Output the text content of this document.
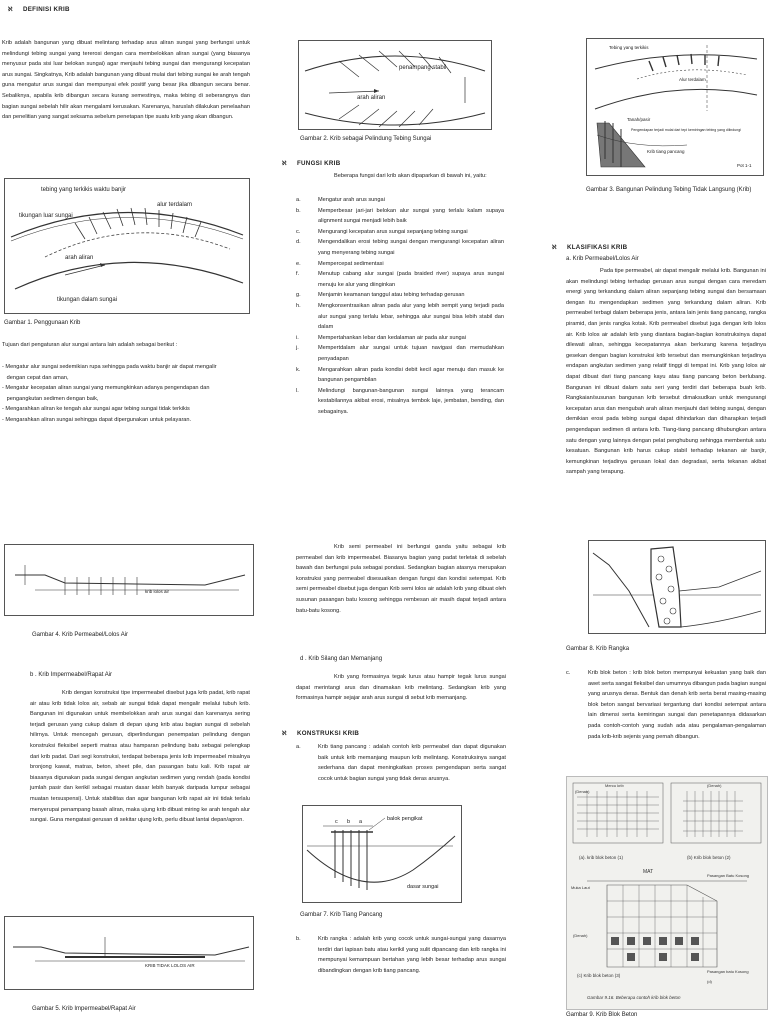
ℵ DEFINISI KRIB

Krib adalah bangunan yang dibuat melintang terhadap arus aliran sungai yang berfungsi untuk melindungi tebing sungai yang tererosi dengan cara membelokkan aliran sungai (yang biasanya menyusur pada sisi luar belokan sungai) agar menjauhi tebing sungai dan mengurangi kecepatan arus sungai. Singkatnya, Krib adalah bangunan yang dibuat mulai dari tebing sungai ke arah tengah guna mengatur arus sungai dan mempunyai efek positif yang besar jika dibangun secara benar. Sebaliknya, apabila krib dibangun secara kurang semestinya, maka tebing di seberangnya dan bagian sungai sebelah hilir akan mengalami kerusakan. Karenanya, haruslah dilakukan penelaahan dan penelitian yang sangat seksama sebelum penetapan tipe suatu krib yang akan dibangun.

tebing yang terkikis waktu banjir
alur terdalam
tikungan luar sungai
arah aliran
tikungan dalam sungai
Gambar 1. Penggunaan Krib

Tujuan dari pengaturan alur sungai antara lain adalah sebagai berikut :

- Mengatur alur sungai sedemikian rupa sehingga pada waktu banjir air dapat mengalir

dengan cepat dan aman,

- Mengatur kecepatan aliran sungai yang memungkinkan adanya pengendapan dan

pengangkutan sedimen dengan baik,

- Mengarahkan aliran ke tengah alur sungai agar tebing sungai tidak terkikis

- Mengarahkan aliran sungai sehingga dapat dipergunakan untuk pelayaran.

krib lolos air
Gambar 4. Krib Permeabel/Lolos Air
b . Krib Impermeabel/Rapat Air

Krib dengan konstruksi tipe impermeabel disebut juga krib padat, krib rapat air atau krib tidak lolos air, sebab air sungai tidak dapat mengalir melalui tubuh krib. Bangunan ini digunakan untuk membelokkan arah arus sungai dan karenanya sering terjadi gerusan yang cukup dalam di depan ujung krib atau bagian sungai di sebelah hilirnya. Untuk mencegah gerusan, diperlindungan penempatan pelindung dengan konstruksi fleksibel seperti matras atau hamparan pelindung batu sebagai pelengkap dari krib padat. Dari segi konstruksi, terdapat beberapa jenis krib impermeabel misalnya bronjong kawat, matras, beton, sheet pile, dan pasangan batu kali. Krib rapat air biasanya digunakan pada sungai dengan angkutan sedimen yang rendah (pada kondisi jumlah pasir dan kerikil sebagai muatan dasar lebih banyak daripada lumpur sebagai muatan tersuspensi). Untuk stabilitas dan agar bangunan krib rapat air ini tidak terlalu menyerupai penampang basah aliran, maka ujung krib dibuat miring ke arah tengah alur sungai. Guna mengatasi gerusan di sekitar ujung krib, perlu dibuat lantai depan/apron.

KRIB TIDAK LOLOS AIR
Gambar 5. Krib Impermeabel/Rapat Air
penampang stabil
arah aliran
Gambar 2. Krib sebagai Pelindung Tebing Sungai
ℵ FUNGSI KRIB

Beberapa fungsi dari krib akan dipaparkan di bawah ini, yaitu:

a.	Mengatur arah arus sungai
b.	Memperbesar jari-jari belokan alur sungai yang terlalu kalam supaya alignment sungai menjadi lebih baik
c.	Mengurangi kecepatan arus sungai sepanjang tebing sungai
d.	Mengendalikan erosi tebing sungai dengan mengurangi kecepatan aliran yang menyerang tebing sungai
e.	Mempercepat sedimentasi
f.	Menutup cabang alur sungai (pada braided river) supaya arus sungai menuju ke alur yang diinginkan
g.	Menjamin keamanan tanggul atau tebing terhadap gerusan
h.	Mengkonsentrasikan aliran pada alur yang lebih sempit yang terjadi pada alur sungai yang terlalu lebar, sehingga alur sungai bisa lebih stabil dan dalam
i.	Mempertahankan lebar dan kedalaman air pada alur sungai
j.	Mempertdalam alur sungai untuk tujuan navigasi dan memudahkan penyadapan
k.	Mengarahkan aliran pada kondisi debit kecil agar menuju dan masuk ke bangunan pengambilan
l.	Melindungi bangunan-bangunan sungai lainnya yang terancam kestabilannya akibat erosi, misalnya tembok laje, jembatan, bending, dan sebagainya.

Krib semi permeabel ini berfungsi ganda yaitu sebagai krib permeabel dan krib impermeabel. Biasanya bagian yang padat terletak di sebelah bawah dan berfungsi pula sebagai pondasi. Sedangkan bagian atasnya merupakan konstruksi yang permeabel disesuaikan dengan fungsi dan kondisi setempat. Krib semi permeabel disebut juga dengan Krib semi lolos air adalah krib yang dibuat oleh susunan pasangan batu kosong sehingga rembesan air masih dapat terjadi antara batu-batu kosong.

d . Krib Silang dan Memanjang

Krib yang formasinya tegak lurus atau hampir tegak lurus sungai dapat merintangi arus dan dinamakan krib melintang. Sedangkan krib yang formasinya hampir sejajar arah arus sungai di sebut krib memanjang.

ℵ KONSTRUKSI KRIB
a.	Krib tiang pancang : adalah contoh krib permeabel dan dapat digunakan baik untuk krib memanjang maupun krib melintang. Konstruksinya sangat sederhana dan dapat meningkatkan proses pengendapan serta sangat cocok untuk bagian sungai yang tidak deras arusnya.
balok pengikat
dasar sungai
c b a
Gambar 7. Krib Tiang Pancang
b.	Krib rangka : adalah krib yang cocok untuk sungai-sungai yang dasarnya terdiri dari lapisan batu atau kerikil yang sulit dipancang dan krib rangka ini mempunyai kemampuan bertahan yang lebih besar terhadap arus sungai dibandingkan dengan krib tiang pancang.
Tebing yang terkikis
Alur terdalam
Tanah/pasir
Pengendapan terjadi mulai dari tepi kemiringan tebing yang dilindungi
Krib tiang pancang
Pot 1-1
Gambar 3. Bangunan Pelindung Tebing Tidak Langsung (Krib)
ℵ KLASIFIKASI KRIB
a. Krib Permeabel/Lolos Air

Pada tipe permeabel, air dapat mengalir melalui krib. Bangunan ini akan melindungi tebing terhadap gerusan arus sungai dengan cara meredam energi yang terkandung dalam aliran sepanjang tebing sungai dan bersamaan dengan itu mengendapkan sedimen yang terkandung dalam aliran. Krib permeabel terbagi dalam beberapa jenis, antara lain jenis tiang pancang, rangka piramid, dan jenis rangka kotak. Krib permeabel disebut juga dengan krib lolos air. Krib lolos air adalah krib yang diantara bagian-bagian konstruksinya dapat dilewati aliran, sehingga kecepatannya akan berkurang karena terjadinya gesekan dengan bagian konstruksi krib tersebut dan memungkinkan terjadinya endapan angkutan sedimen yang relatif tinggi di tempat ini. Krib yang lolos air dapat dibuat dari tiang pancang kayu atau tiang pancang beton berlubang. Bangunan ini dibuat dalam satu seri yang terdiri dari beberapa buah krib. Rangkaian/susunan bangunan krib tersebut dimaksudkan untuk mengurangi kecepatan arus dan mengubah arah aliran menjauhi dari tebing sungai, dengan demikian erosi pada tebing sungai dapat dihindarkan dan diharapkan terjadi pengendapan sedimen di antara krib. Tiang-tiang pancang dihubungkan antara satu dengan yang lainnya dengan pelat penghubung sehingga membentuk satu kesatuan. Bangunan krib harus cukup stabil terhadap tekanan air banjir, kemungkinan terjadinya gerusan lokal dan degradasi, serta tekanan akibat sampah yang terapung.

Gambar 8. Krib Rangka
c.	Krib blok beton : krib blok beton mempunyai kekuatan yang baik dan awet serta sangat fleksibel dan umumnya dibangun pada bagian sungai yang arusnya deras. Bentuk dan denah krib serta berat masing-masing blok beton sangat bervariasi tergantung dari kondisi setempat antara lain dimensi serta kemiringan sungai dan penetapannya didasarkan pada contoh-contoh yang sudah ada atau pengalaman-pengalaman pada krib-krib sejenis yang pernah dibangun.
Mercu krib
(Denah)
(Denah)
(a). krib blok beton (1)	(b) Krib blok beton (2)
MAT
Muka Laut
Pasangan Batu Kosong
(Denah)
(c) Krib blok beton (3)
Pasangan batu Kosong
(d)
Gambar 9.16. Beberapa contoh krib blok beton
Gambar 9. Krib Blok Beton
